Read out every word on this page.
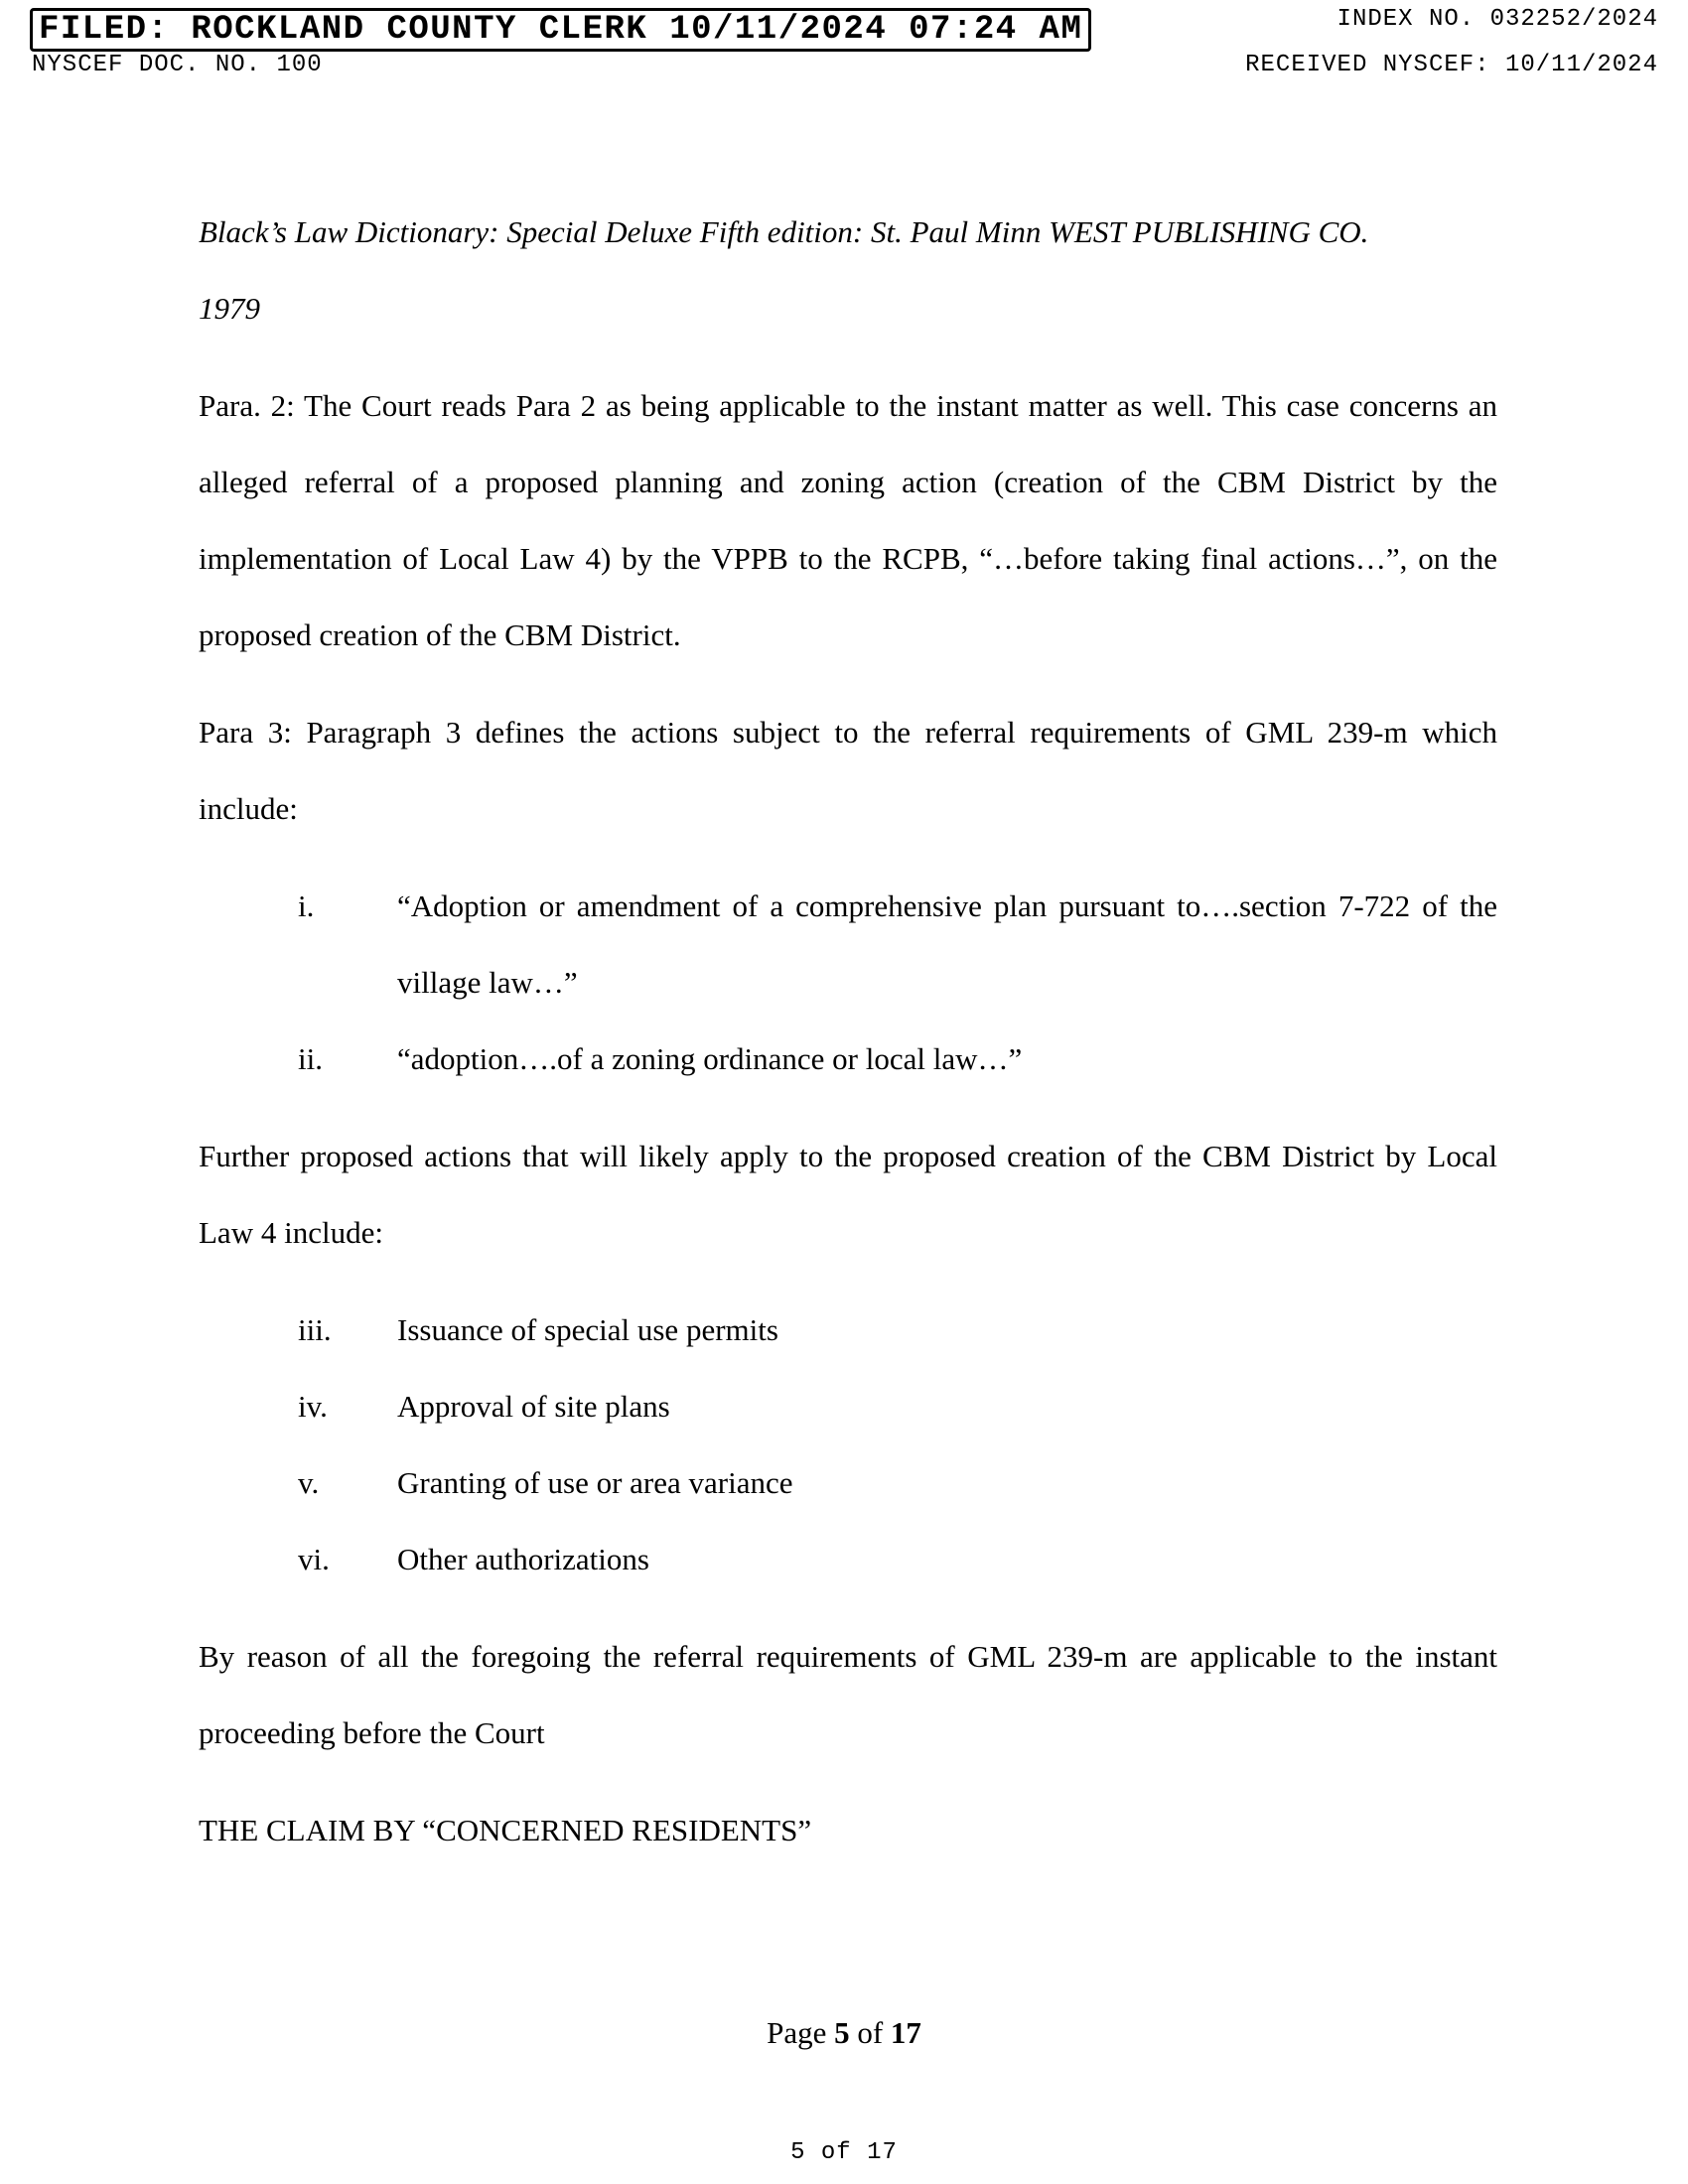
FILED: ROCKLAND COUNTY CLERK 10/11/2024 07:24 AM
NYSCEF DOC. NO. 100
INDEX NO. 032252/2024
RECEIVED NYSCEF: 10/11/2024

Black’s Law Dictionary: Special Deluxe Fifth edition: St. Paul Minn WEST PUBLISHING CO.

1979

Para. 2: The Court reads Para 2 as being applicable to the instant matter as well. This case concerns an alleged referral of a proposed planning and zoning action (creation of the CBM District by the implementation of Local Law 4) by the VPPB to the RCPB, “…before taking final actions…”, on the proposed creation of the CBM District.

Para 3: Paragraph 3 defines the actions subject to the referral requirements of GML 239-m which include:

i.	“Adoption or amendment of a comprehensive plan pursuant to….section 7-722 of the village law…”
ii.	“adoption….of a zoning ordinance or local law…”

Further proposed actions that will likely apply to the proposed creation of the CBM District by Local Law 4 include:

iii.	Issuance of special use permits
iv.	Approval of site plans
v.	Granting of use or area variance
vi.	Other authorizations

By reason of all the foregoing the referral requirements of GML 239-m are applicable to the instant proceeding before the Court

THE CLAIM BY “CONCERNED RESIDENTS”

Page 5 of 17
5 of 17
